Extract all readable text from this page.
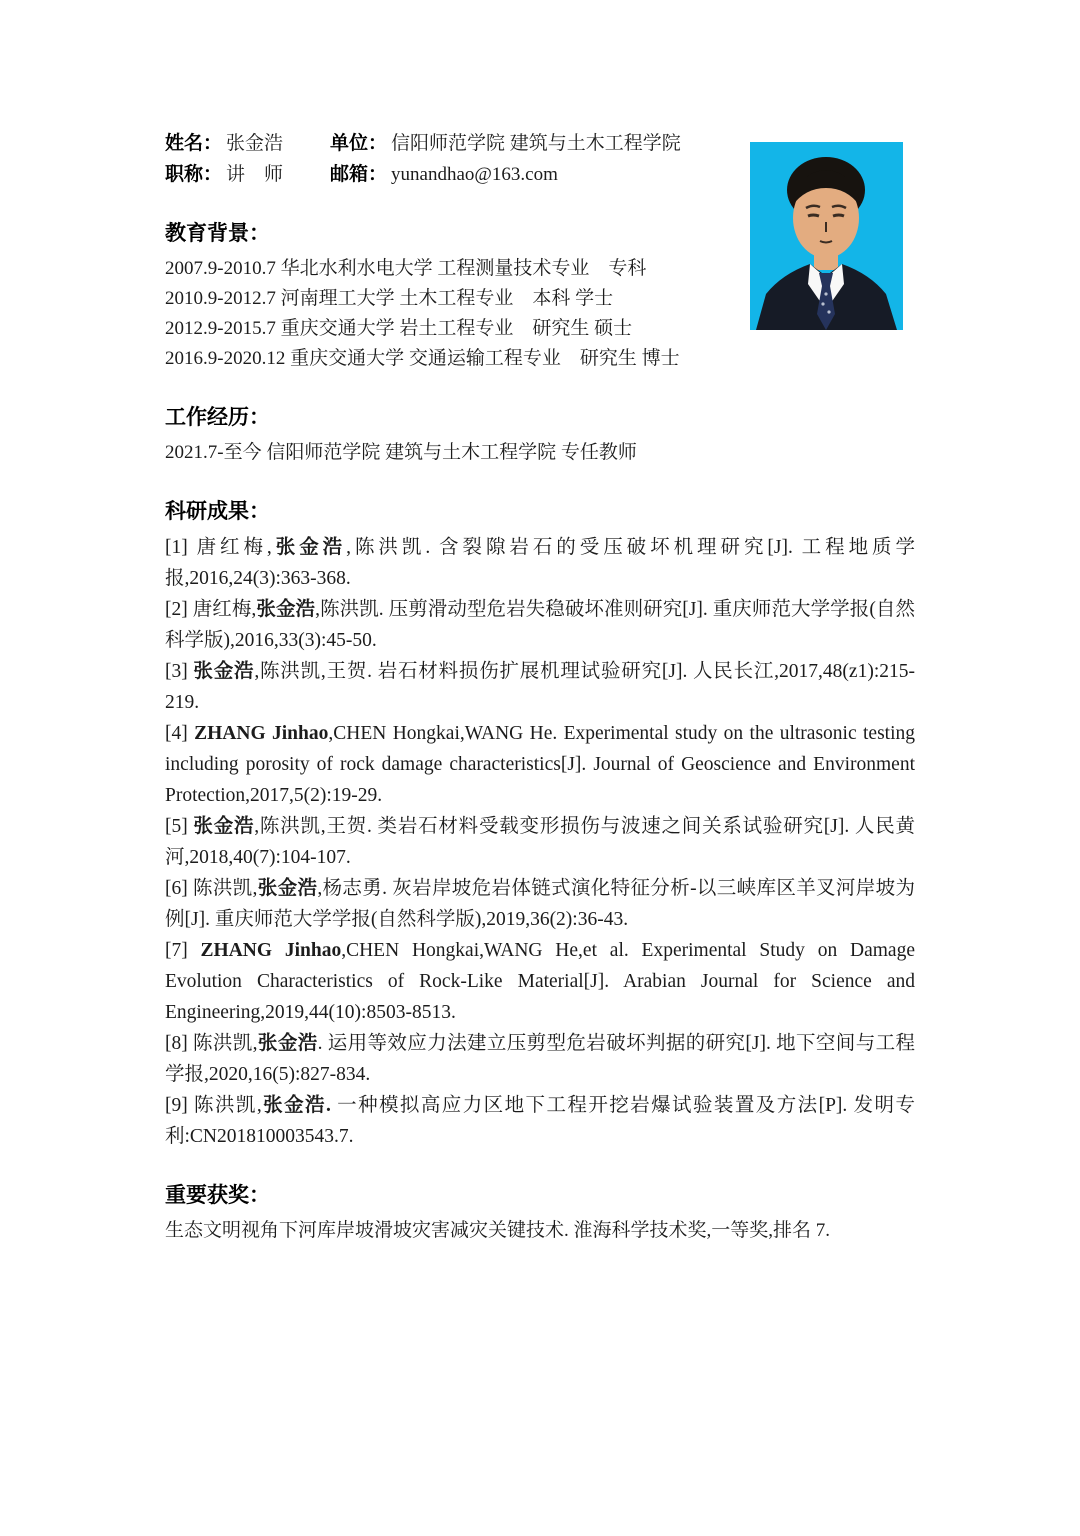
姓名： 张金浩 单位： 信阳师范学院 建筑与土木工程学院
职称： 讲　师 邮箱： yunandhao@163.com
教育背景：
2007.9-2010.7 华北水利水电大学 工程测量技术专业　专科
2010.9-2012.7 河南理工大学 土木工程专业　本科 学士
2012.9-2015.7 重庆交通大学 岩土工程专业　研究生 硕士
2016.9-2020.12 重庆交通大学 交通运输工程专业　研究生 博士
工作经历：
2021.7-至今 信阳师范学院 建筑与土木工程学院 专任教师
科研成果：
[1] 唐红梅,张金浩,陈洪凯. 含裂隙岩石的受压破坏机理研究[J]. 工程地质学报,2016,24(3):363-368.
[2] 唐红梅,张金浩,陈洪凯. 压剪滑动型危岩失稳破坏准则研究[J]. 重庆师范大学学报(自然科学版),2016,33(3):45-50.
[3] 张金浩,陈洪凯,王贺. 岩石材料损伤扩展机理试验研究[J]. 人民长江,2017,48(z1):215-219.
[4] ZHANG Jinhao,CHEN Hongkai,WANG He. Experimental study on the ultrasonic testing including porosity of rock damage characteristics[J]. Journal of Geoscience and Environment Protection,2017,5(2):19-29.
[5] 张金浩,陈洪凯,王贺. 类岩石材料受载变形损伤与波速之间关系试验研究[J]. 人民黄河,2018,40(7):104-107.
[6] 陈洪凯,张金浩,杨志勇. 灰岩岸坡危岩体链式演化特征分析-以三峡库区羊叉河岸坡为例[J]. 重庆师范大学学报(自然科学版),2019,36(2):36-43.
[7] ZHANG Jinhao,CHEN Hongkai,WANG He,et al. Experimental Study on Damage Evolution Characteristics of Rock-Like Material[J]. Arabian Journal for Science and Engineering,2019,44(10):8503-8513.
[8] 陈洪凯,张金浩. 运用等效应力法建立压剪型危岩破坏判据的研究[J]. 地下空间与工程学报,2020,16(5):827-834.
[9] 陈洪凯,张金浩. 一种模拟高应力区地下工程开挖岩爆试验装置及方法[P]. 发明专利:CN201810003543.7.
重要获奖：
生态文明视角下河库岸坡滑坡灾害减灾关键技术. 淮海科学技术奖,一等奖,排名 7.
